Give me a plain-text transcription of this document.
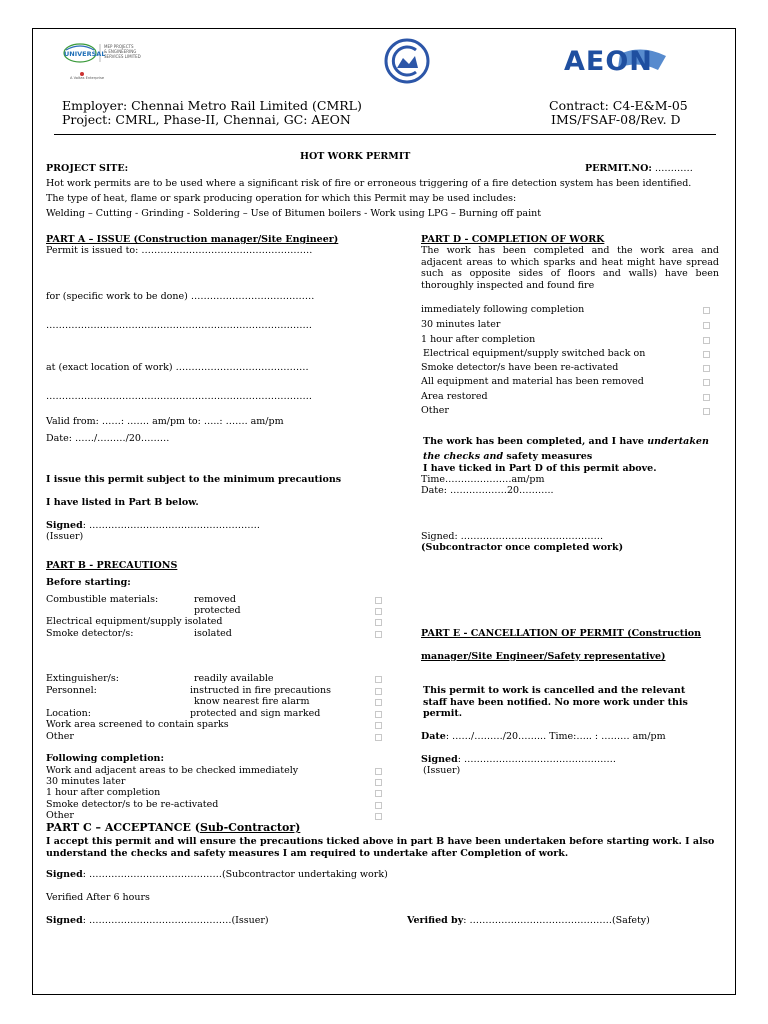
UNIVERSAL
MEP PROJECTS
& ENGINEERING
SERVICES LIMITED
A Voltas Enterprise
AEON
Employer: Chennai Metro Rail Limited (CMRL)
Project: CMRL, Phase-II, Chennai, GC: AEON
Contract: C4-E&M-05
IMS/FSAF-08/Rev. D
HOT WORK PERMIT
PROJECT SITE:	PERMIT.NO: …………
Hot work permits are to be used where a significant risk of fire or erroneous triggering of a fire detection system has been identified.
The type of heat, flame or spark producing operation for which this Permit may be used includes:
Welding – Cutting - Grinding - Soldering – Use of Bitumen boilers - Work using LPG – Burning off paint
PART A – ISSUE (Construction manager/Site Engineer)
Permit is issued to: ………………………………………………
for (specific work to be done) …………………………………
…………………………………………………………………………
at (exact location of work) ……………………………………
…………………………………………………………………………
Valid from: ……: ……. am/pm to: …..: ……. am/pm
Date: ……/………/20………
I issue this permit subject to the minimum precautions
I have listed in Part B below.
Signed: ………………………………………………
(Issuer)
PART B - PRECAUTIONS
Before starting:
Combustible materials:	removed
protected
Electrical equipment/supply isolated
Smoke detector/s:	isolated
Extinguisher/s:	readily available
Personnel:	instructed in fire precautions
know nearest fire alarm
Location:	protected and sign marked
Work area screened to contain sparks
Other
Following completion:
Work and adjacent areas to be checked immediately
30 minutes later
1 hour after completion
Smoke detector/s to be re-activated
Other
PART C – ACCEPTANCE (Sub-Contractor)
I accept this permit and will ensure the precautions ticked above in part B have been undertaken before starting work. I also understand the checks and safety measures I am required to undertake after Completion of work.
Signed: ……………………………………(Subcontractor undertaking work)
Verified After 6 hours
Signed: ………………………………………(Issuer)	Verified by: ………………………………………(Safety)
PART D - COMPLETION OF WORK
The work has been completed and the work area and adjacent areas to which sparks and heat might have spread such as opposite sides of floors and walls) have been thoroughly inspected and found fire
immediately following completion
30 minutes later
1 hour after completion
Electrical equipment/supply switched back on
Smoke detector/s have been re-activated
All equipment and material has been removed
Area restored
Other
The work has been completed, and I have undertaken the checks and safety measures
I have ticked in Part D of this permit above.
Time…………………am/pm
Date: ………………20………..
Signed: ………………………………………
(Subcontractor once completed work)
PART E - CANCELLATION OF PERMIT (Construction
manager/Site Engineer/Safety representative)
This permit to work is cancelled and the relevant staff have been notified. No more work under this permit.
Date: ……/………/20……... Time:….. : ……… am/pm
Signed: …………………………………………
(Issuer)
